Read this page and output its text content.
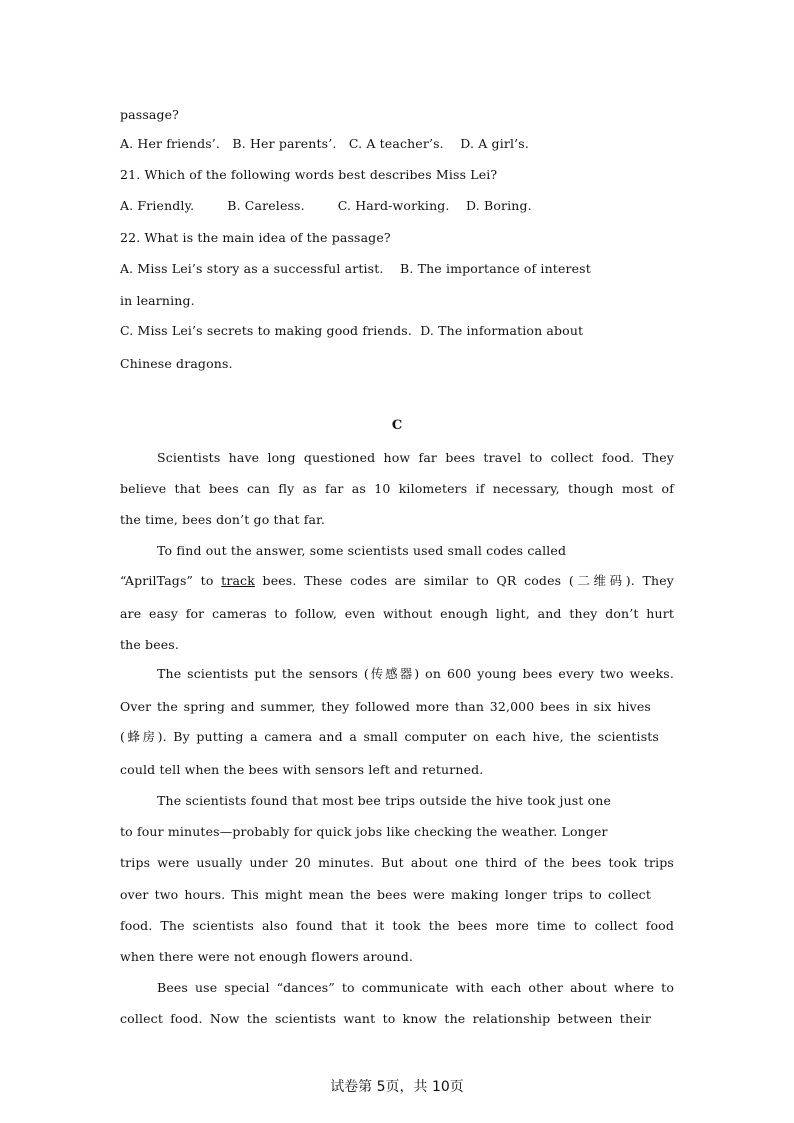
passage?
A. Her friends’.   B. Her parents’.   C. A teacher’s.    D. A girl’s.
21. Which of the following words best describes Miss Lei?
A. Friendly.        B. Careless.        C. Hard-working.    D. Boring.
22. What is the main idea of the passage?
A. Miss Lei’s story as a successful artist.    B. The importance of interest
in learning.
C. Miss Lei’s secrets to making good friends.  D. The information about
Chinese dragons.
C
Scientists have long questioned how far bees travel to collect food. They
believe that bees can fly as far as 10 kilometers if necessary, though most of
the time, bees don’t go that far.
To find out the answer, some scientists used small codes called
“AprilTags” to track bees. These codes are similar to QR codes (二维码). They
are easy for cameras to follow, even without enough light, and they don’t hurt
the bees.
The scientists put the sensors (传感器) on 600 young bees every two weeks.
Over the spring and summer, they followed more than 32,000 bees in six hives
(蜂房). By putting a camera and a small computer on each hive, the scientists
could tell when the bees with sensors left and returned.
The scientists found that most bee trips outside the hive took just one
to four minutes—probably for quick jobs like checking the weather. Longer
trips were usually under 20 minutes. But about one third of the bees took trips
over two hours. This might mean the bees were making longer trips to collect
food. The scientists also found that it took the bees more time to collect food
when there were not enough flowers around.
Bees use special “dances” to communicate with each other about where to
collect food. Now the scientists want to know the relationship between their
试卷第 5页，共 10页
